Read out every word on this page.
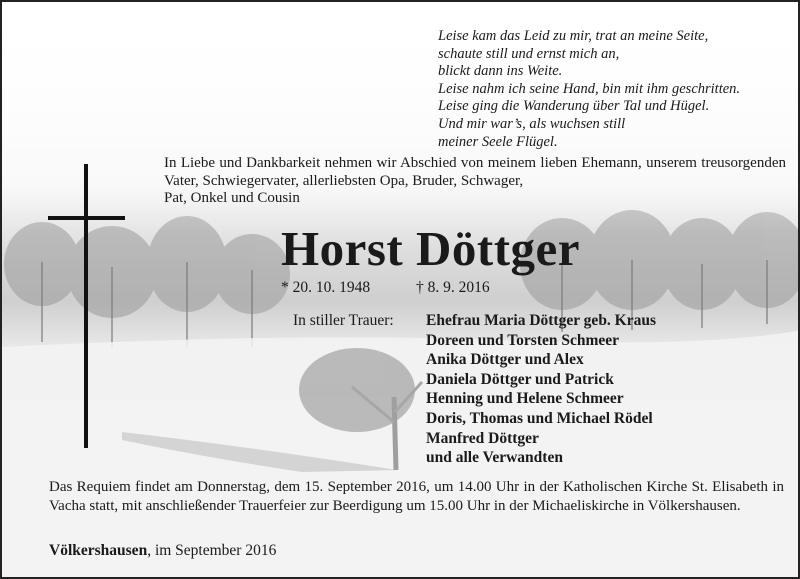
Leise kam das Leid zu mir, trat an meine Seite,
schaute still und ernst mich an,
blickt dann ins Weite.
Leise nahm ich seine Hand, bin mit ihm geschritten.
Leise ging die Wanderung über Tal und Hügel.
Und mir war’s, als wuchsen still
meiner Seele Flügel.
In Liebe und Dankbarkeit nehmen wir Abschied von meinem lieben Ehemann, unserem treusorgenden Vater, Schwiegervater, allerliebsten Opa, Bruder, Schwager,
Pat, Onkel und Cousin
Horst Döttger
* 20. 10. 1948	† 8. 9. 2016
In stiller Trauer: Ehefrau Maria Döttger geb. Kraus
Doreen und Torsten Schmeer
Anika Döttger und Alex
Daniela Döttger und Patrick
Henning und Helene Schmeer
Doris, Thomas und Michael Rödel
Manfred Döttger
und alle Verwandten
Das Requiem findet am Donnerstag, dem 15. September 2016, um 14.00 Uhr in der Katholischen Kirche St. Elisabeth in Vacha statt, mit anschließender Trauerfeier zur Beerdigung um 15.00 Uhr in der Michaeliskirche in Völkershausen.
Völkershausen, im September 2016
